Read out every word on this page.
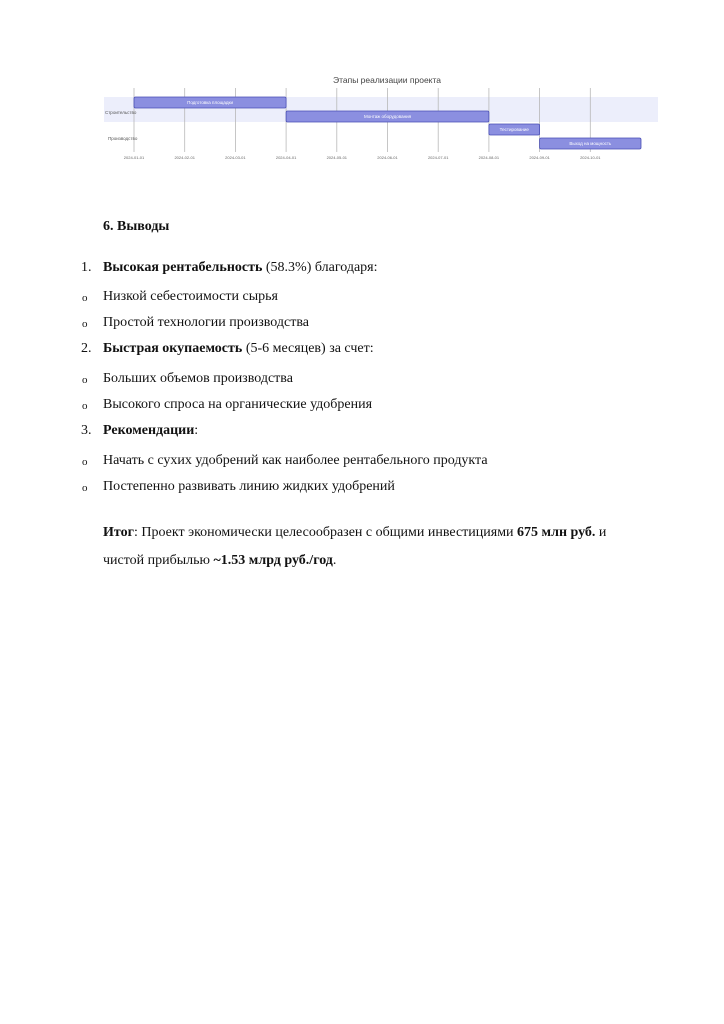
Этапы реализации проекта
2024-01-01	2024-02-01	2024-03-01	2024-04-01	2024-05-01	2024-06-01	2024-07-01	2024-08-01	2024-09-01	2024-10-01
Строительство
Производство
Подготовка площадки
Монтаж оборудования
Тестирование
Выход на мощность
6. Выводы
1. Высокая рентабельность (58.3%) благодаря:
o Низкой себестоимости сырья
o Простой технологии производства
2. Быстрая окупаемость (5-6 месяцев) за счет:
o Больших объемов производства
o Высокого спроса на органические удобрения
3. Рекомендации:
o Начать с сухих удобрений как наиболее рентабельного продукта
o Постепенно развивать линию жидких удобрений
Итог: Проект экономически целесообразен с общими инвестициями 675 млн руб. и чистой прибылью ~1.53 млрд руб./год.
